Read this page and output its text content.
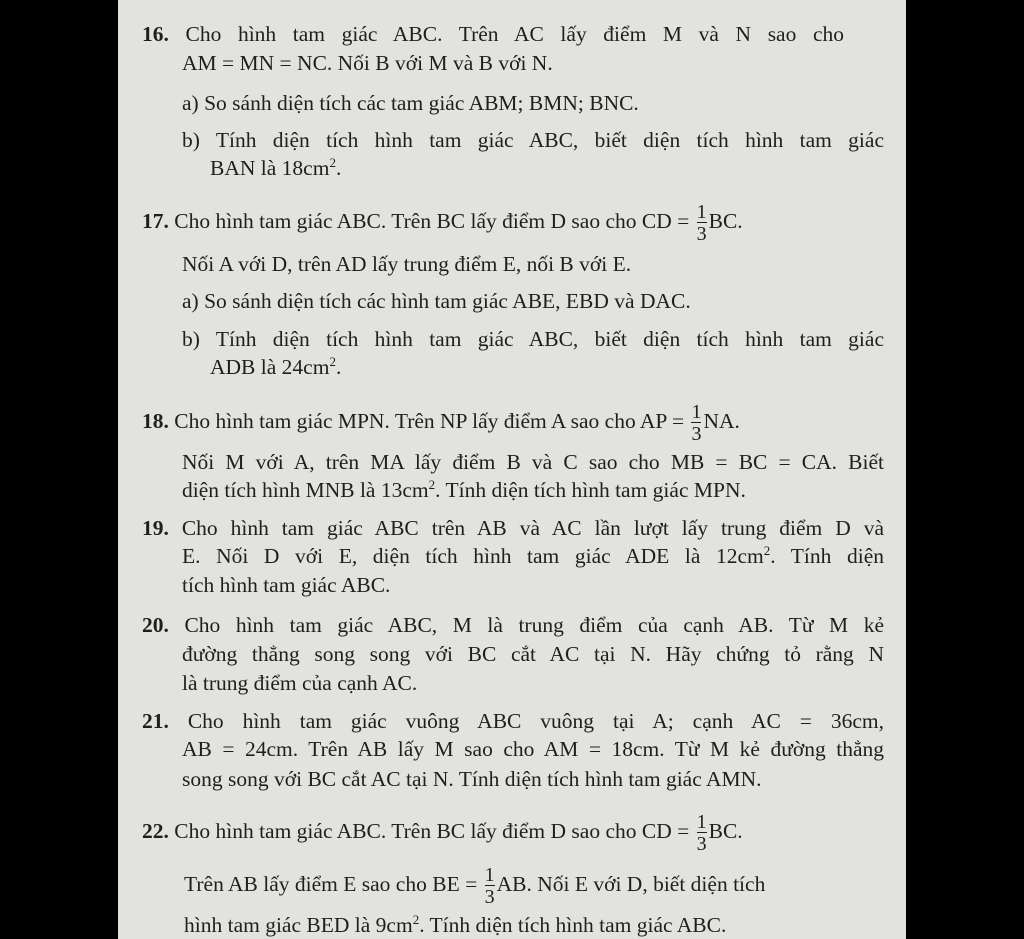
16. Cho hình tam giác ABC. Trên AC lấy điểm M và N sao cho
AM = MN = NC. Nối B với M và B với N.
a) So sánh diện tích các tam giác ABM; BMN; BNC.
b) Tính diện tích hình tam giác ABC, biết diện tích hình tam giác
BAN là $18cm^2$.
17. Cho hình tam giác ABC. Trên BC lấy điểm D sao cho CD = $\frac{1}{3}$ BC.
Nối A với D, trên AD lấy trung điểm E, nối B với E.
a) So sánh diện tích các hình tam giác ABE, EBD và DAC.
b) Tính diện tích hình tam giác ABC, biết diện tích hình tam giác
ADB là $24cm^2$.
18. Cho hình tam giác MPN. Trên NP lấy điểm A sao cho AP = $\frac{1}{3}$ NA.
Nối M với A, trên MA lấy điểm B và C sao cho MB = BC = CA. Biết
diện tích hình MNB là $13cm^2$. Tính diện tích hình tam giác MPN.
19. Cho hình tam giác ABC trên AB và AC lần lượt lấy trung điểm D và
E. Nối D với E, diện tích hình tam giác ADE là $12cm^2$. Tính diện
tích hình tam giác ABC.
20. Cho hình tam giác ABC, M là trung điểm của cạnh AB. Từ M kẻ
đường thẳng song song với BC cắt AC tại N. Hãy chứng tỏ rằng N
là trung điểm của cạnh AC.
21. Cho hình tam giác vuông ABC vuông tại A; cạnh AC = 36cm,
AB = 24cm. Trên AB lấy M sao cho AM = 18cm. Từ M kẻ đường thẳng
song song với BC cắt AC tại N. Tính diện tích hình tam giác AMN.
22. Cho hình tam giác ABC. Trên BC lấy điểm D sao cho CD = $\frac{1}{3}$ BC.
Trên AB lấy điểm E sao cho BE = $\frac{1}{3}$ AB. Nối E với D, biết diện tích
hình tam giác BED là $9cm^2$. Tính diện tích hình tam giác ABC.
